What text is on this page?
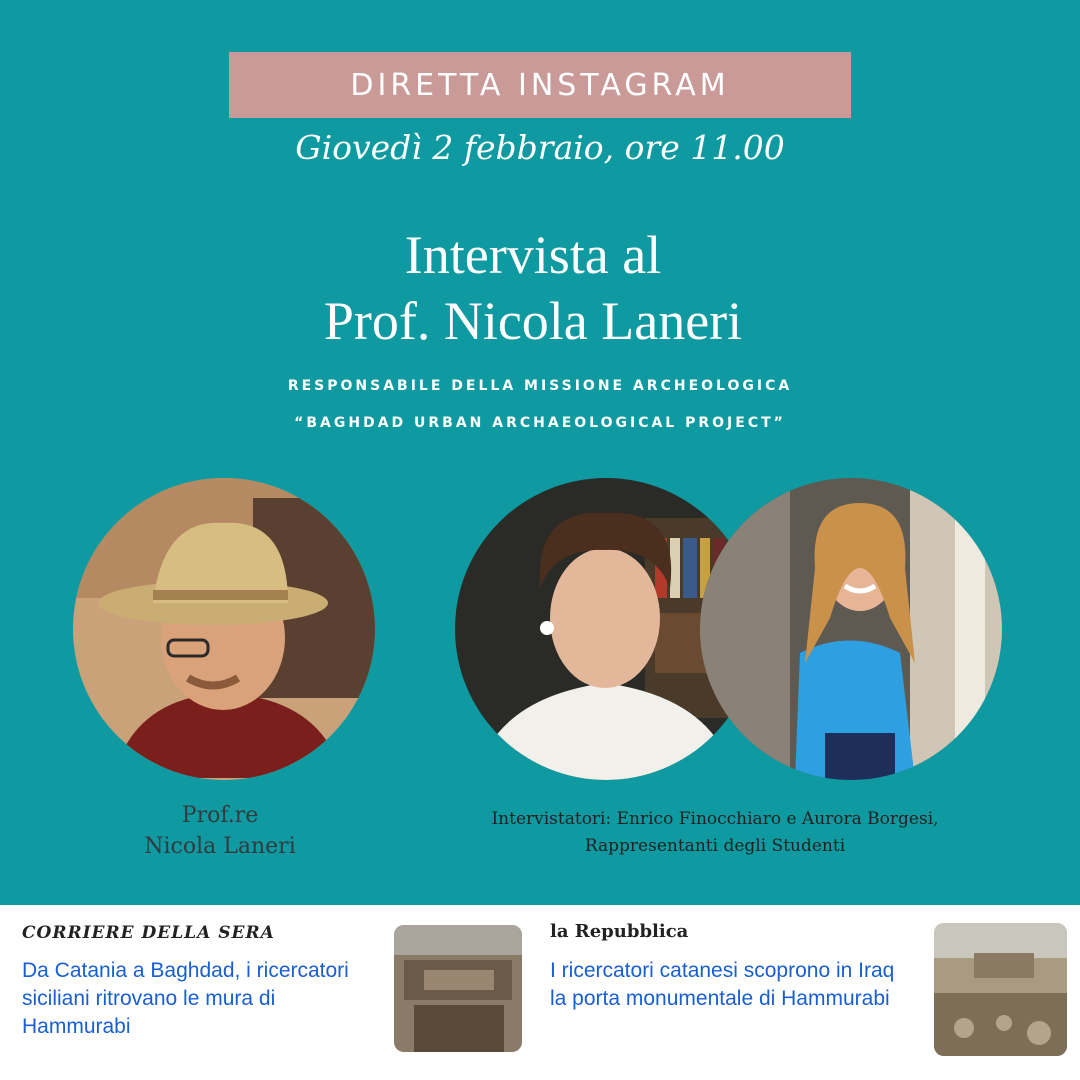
DIRETTA INSTAGRAM
Giovedì 2 febbraio, ore 11.00
Intervista al
Prof. Nicola Laneri
RESPONSABILE DELLA MISSIONE ARCHEOLOGICA
“BAGHDAD URBAN ARCHAEOLOGICAL PROJECT”
Prof.re
Nicola Laneri
Intervistatori: Enrico Finocchiaro e Aurora Borgesi,
Rappresentanti degli Studenti
CORRIERE DELLA SERA
Da Catania a Baghdad, i ricercatori siciliani ritrovano le mura di Hammurabi
la Repubblica
I ricercatori catanesi scoprono in Iraq la porta monumentale di Hammurabi
